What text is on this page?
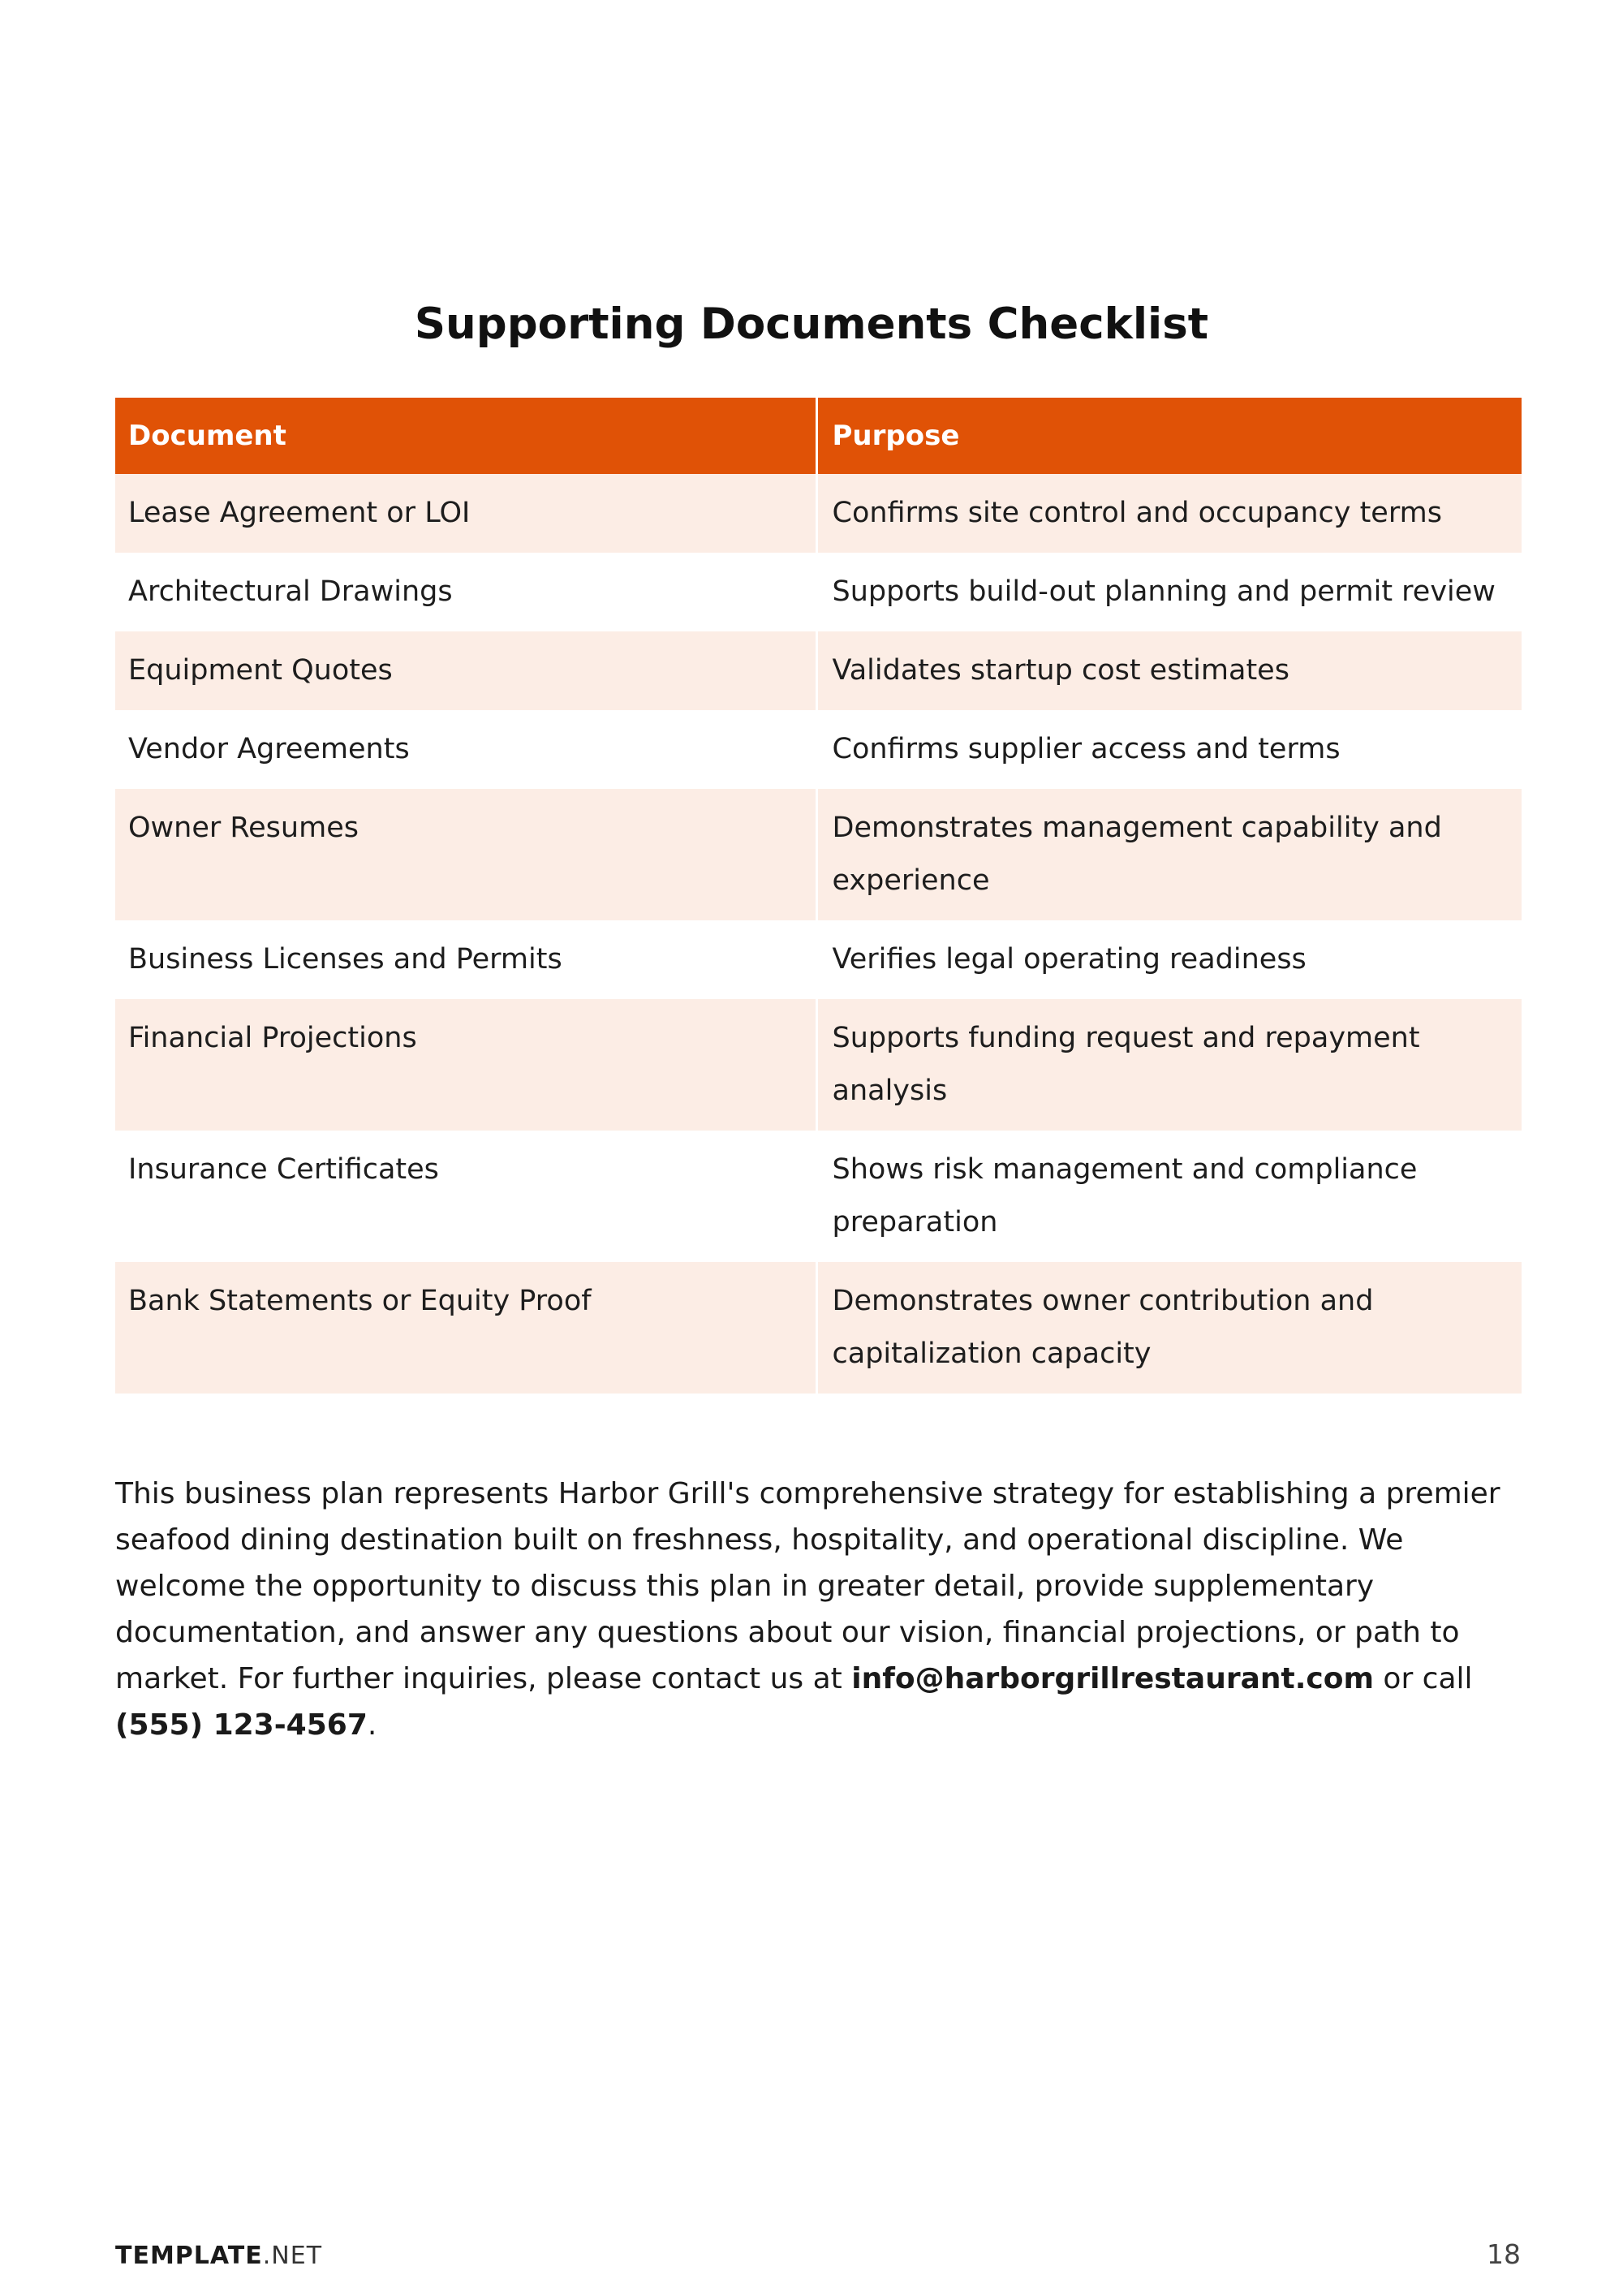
Supporting Documents Checklist
Document	Purpose
Lease Agreement or LOI	Confirms site control and occupancy terms
Architectural Drawings	Supports build-out planning and permit review
Equipment Quotes	Validates startup cost estimates
Vendor Agreements	Confirms supplier access and terms
Owner Resumes	Demonstrates management capability and experience
Business Licenses and Permits	Verifies legal operating readiness
Financial Projections	Supports funding request and repayment analysis
Insurance Certificates	Shows risk management and compliance preparation
Bank Statements or Equity Proof	Demonstrates owner contribution and capitalization capacity

This business plan represents Harbor Grill's comprehensive strategy for establishing a premier seafood dining destination built on freshness, hospitality, and operational discipline. We welcome the opportunity to discuss this plan in greater detail, provide supplementary documentation, and answer any questions about our vision, financial projections, or path to market. For further inquiries, please contact us at info@harborgrillrestaurant.com or call (555) 123-4567.

TEMPLATE.NET	18
